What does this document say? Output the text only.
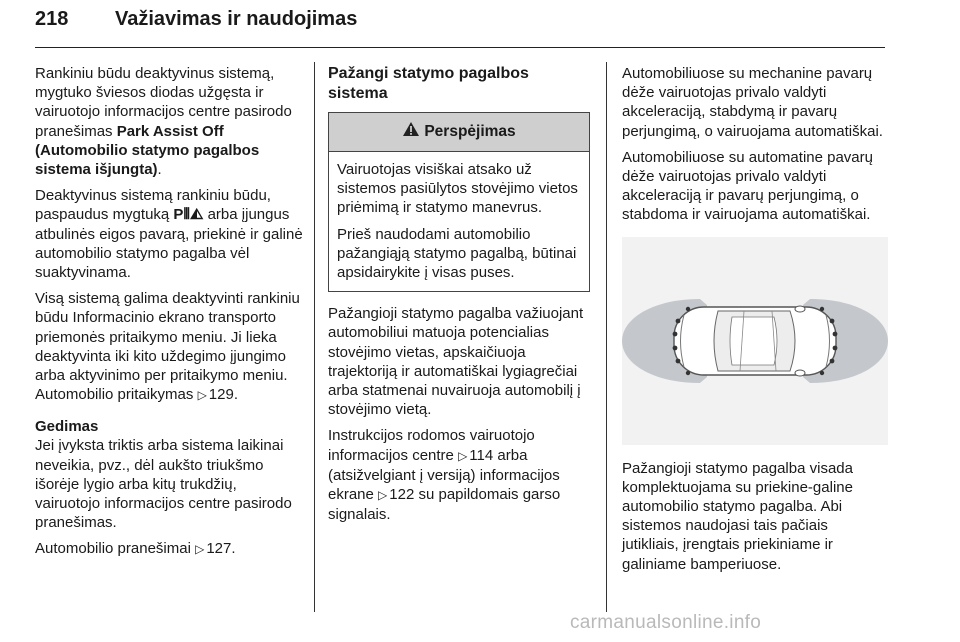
218 Važiavimas ir naudojimas

Rankiniu būdu deaktyvinus sistemą, mygtuko šviesos diodas užgęsta ir vairuotojo informacijos centre pasirodo pranešimas Park Assist Off (Automobilio statymo pagalbos sistema išjungta).

Deaktyvinus sistemą rankiniu būdu, paspaudus mygtuką P⦀◭ arba įjungus atbulinės eigos pavarą, priekinė ir galinė automobilio statymo pagalba vėl suaktyvinama.

Visą sistemą galima deaktyvinti rankiniu būdu Informacinio ekrano transporto priemonės pritaikymo meniu. Ji lieka deaktyvinta iki kito uždegimo įjungimo arba aktyvinimo per pritaikymo meniu. Automobilio pritaikymas ▷ 129.

Gedimas

Jei įvyksta triktis arba sistema laikinai neveikia, pvz., dėl aukšto triukšmo išorėje lygio arba kitų trukdžių, vairuotojo informacijos centre pasirodo pranešimas.

Automobilio pranešimai ▷ 127.

Pažangi statymo pagalbos sistema
Perspėjimas

Vairuotojas visiškai atsako už sistemos pasiūlytos stovėjimo vietos priėmimą ir statymo manevrus.

Prieš naudodami automobilio pažangiąją statymo pagalbą, būtinai apsidairykite į visas puses.

Pažangioji statymo pagalba važiuojant automobiliui matuoja potencialias stovėjimo vietas, apskaičiuoja trajektoriją ir automatiškai lygiagrečiai arba statmenai nuvairuoja automobilį į stovėjimo vietą.

Instrukcijos rodomos vairuotojo informacijos centre ▷ 114 arba (atsižvelgiant į versiją) informacijos ekrane ▷ 122 su papildomais garso signalais.

Automobiliuose su mechanine pavarų dėže vairuotojas privalo valdyti akceleraciją, stabdymą ir pavarų perjungimą, o vairuojama automatiškai.

Automobiliuose su automatine pavarų dėže vairuotojas privalo valdyti akceleraciją ir pavarų perjungimą, o stabdoma ir vairuojama automatiškai.

Pažangioji statymo pagalba visada komplektuojama su priekine-galine automobilio statymo pagalba. Abi sistemos naudojasi tais pačiais jutikliais, įrengtais priekiniame ir galiniame bamperiuose.

carmanualsonline.info
